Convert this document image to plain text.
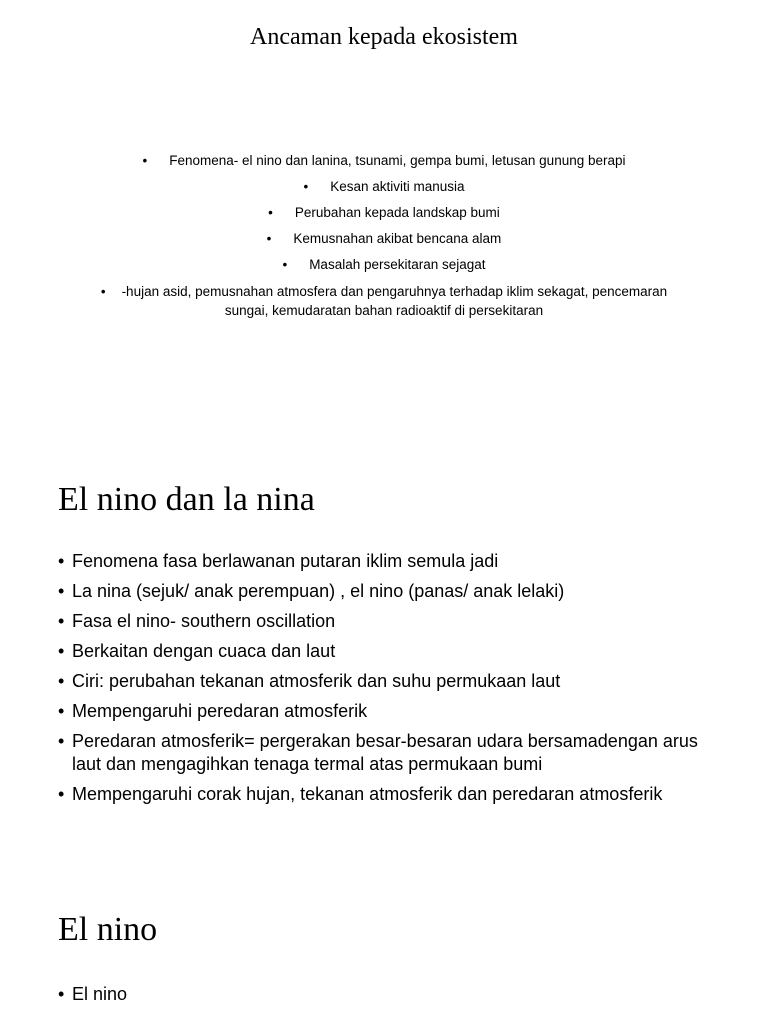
Ancaman kepada ekosistem
• Fenomena- el nino dan lanina, tsunami, gempa bumi, letusan gunung berapi
• Kesan aktiviti manusia
• Perubahan kepada landskap bumi
• Kemusnahan akibat bencana alam
• Masalah persekitaran sejagat
• -hujan asid, pemusnahan atmosfera dan pengaruhnya terhadap iklim sekagat, pencemaran sungai, kemudaratan bahan radioaktif di persekitaran
El nino dan la nina
• Fenomena fasa berlawanan putaran iklim semula jadi
• La nina (sejuk/ anak perempuan) , el nino (panas/ anak lelaki)
• Fasa el nino- southern oscillation
• Berkaitan dengan cuaca dan laut
• Ciri: perubahan tekanan atmosferik dan suhu permukaan laut
• Mempengaruhi peredaran atmosferik
• Peredaran atmosferik= pergerakan besar-besaran udara bersamadengan arus laut dan mengagihkan tenaga termal atas permukaan bumi
• Mempengaruhi corak hujan, tekanan atmosferik dan peredaran atmosferik
El nino
• El nino
